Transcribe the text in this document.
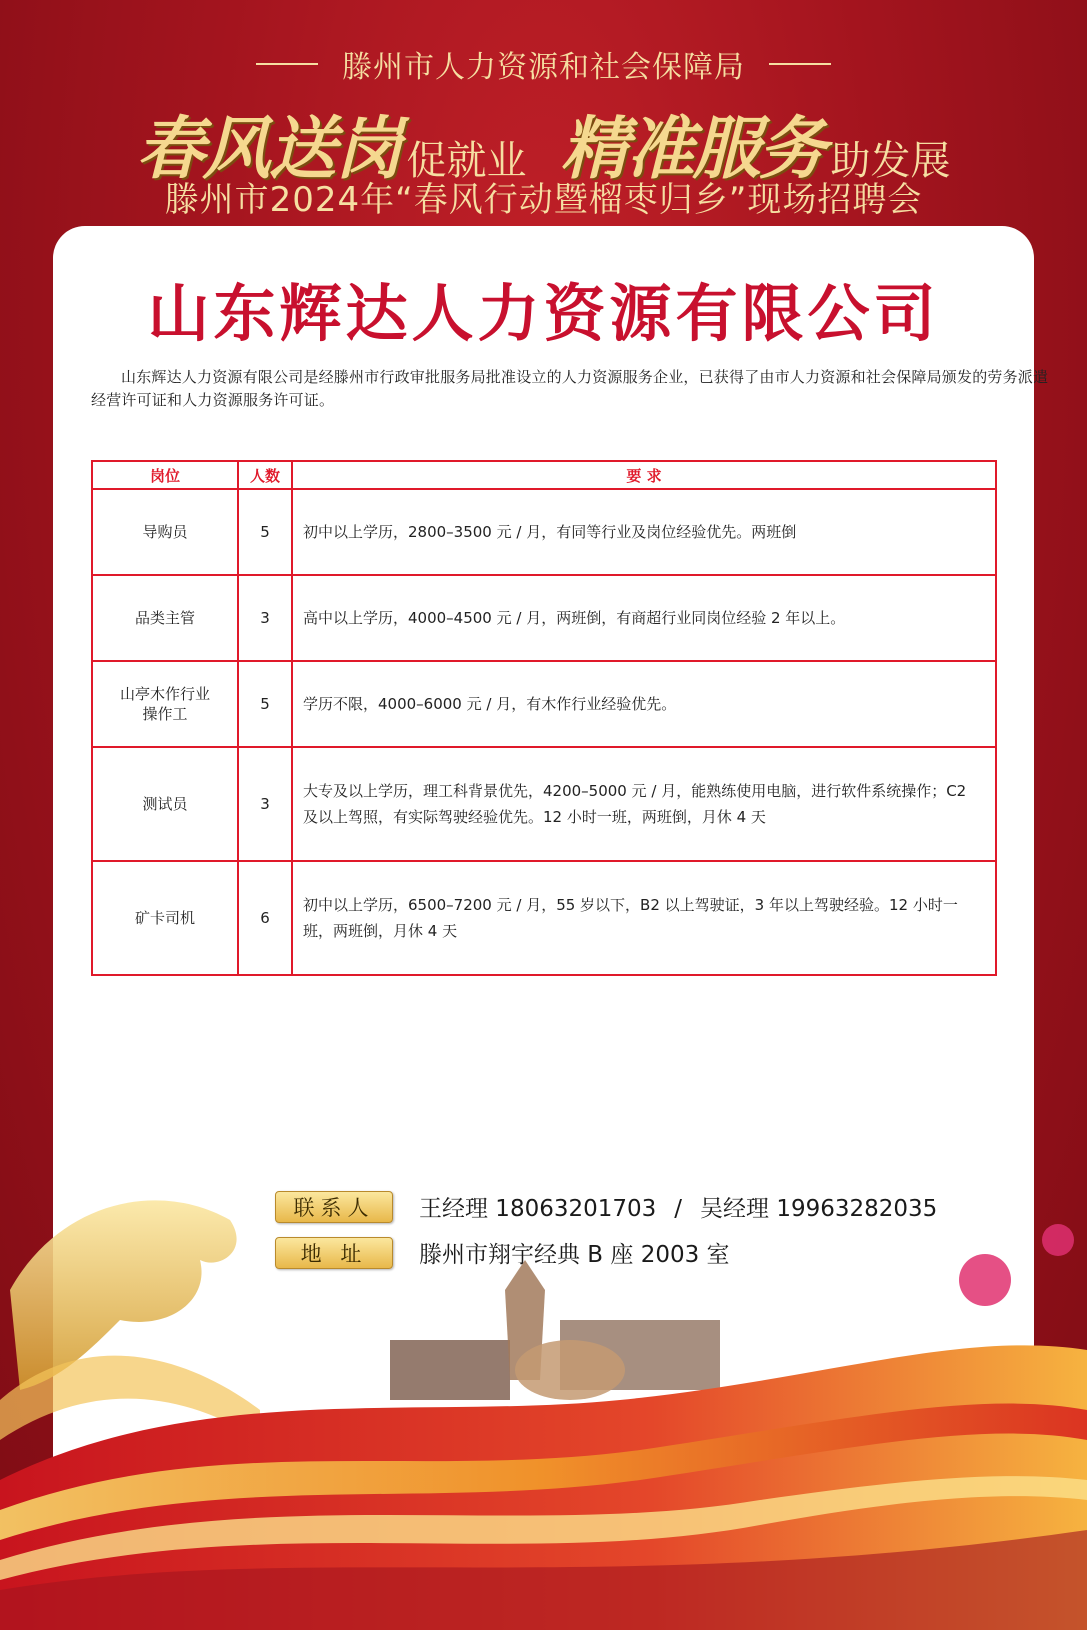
滕州市人力资源和社会保障局
春风送岗 促就业 精准服务 助发展
滕州市2024年“春风行动暨榴枣归乡”现场招聘会
山东辉达人力资源有限公司
山东辉达人力资源有限公司是经滕州市行政审批服务局批准设立的人力资源服务企业，已获得了由市人力资源和社会保障局颁发的劳务派遣经营许可证和人力资源服务许可证。
岗位	人数	要 求
导购员	5	初中以上学历，2800–3500 元 / 月，有同等行业及岗位经验优先。两班倒
品类主管	3	高中以上学历，4000–4500 元 / 月，两班倒，有商超行业同岗位经验 2 年以上。
山亭木作行业操作工	5	学历不限，4000–6000 元 / 月，有木作行业经验优先。
测试员	3	大专及以上学历，理工科背景优先，4200–5000 元 / 月，能熟练使用电脑，进行软件系统操作；C2 及以上驾照，有实际驾驶经验优先。12 小时一班，两班倒，月休 4 天
矿卡司机	6	初中以上学历，6500–7200 元 / 月，55 岁以下，B2 以上驾驶证，3 年以上驾驶经验。12 小时一班，两班倒，月休 4 天
联系人	王经理 18063201703 / 吴经理 19963282035
地 址	滕州市翔宇经典 B 座 2003 室
